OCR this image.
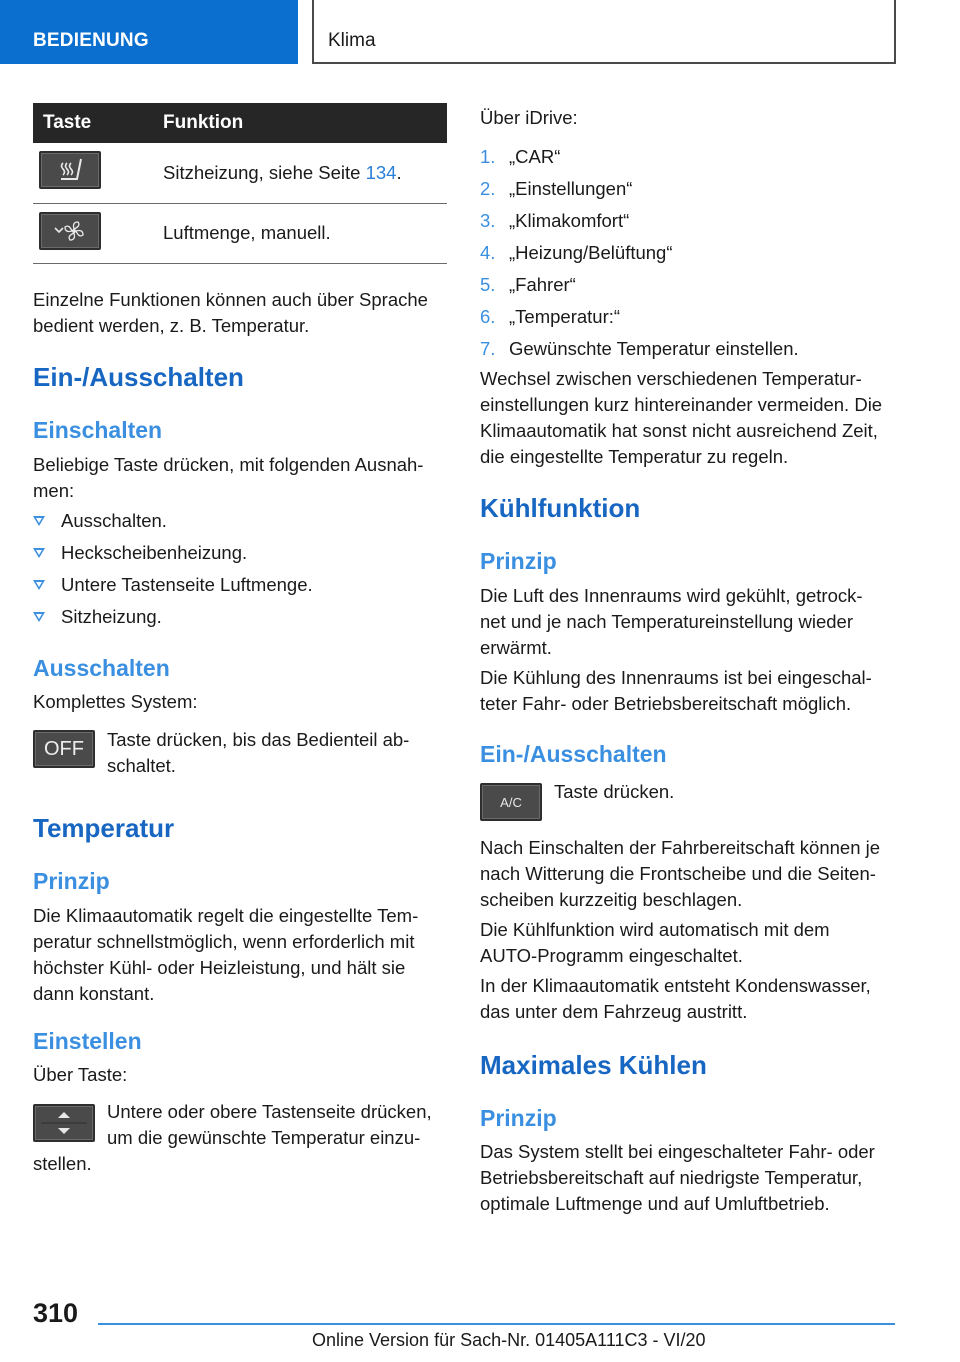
BEDIENUNG	Klima
Taste	Funktion

	Sitzheizung, siehe Seite 134.

	Luftmenge, manuell.
Einzelne Funktionen können auch über Sprache
bedient werden, z. B. Temperatur.
Ein-/Ausschalten
Einschalten
Beliebige Taste drücken, mit folgenden Ausnah-
men:
Ausschalten.
Heckscheibenheizung.
Untere Tastenseite Luftmenge.
Sitzheizung.
Ausschalten
Komplettes System:
OFF	Taste drücken, bis das Bedienteil ab-
schaltet.
Temperatur
Prinzip
Die Klimaautomatik regelt die eingestellte Tem-
peratur schnellstmöglich, wenn erforderlich mit
höchster Kühl- oder Heizleistung, und hält sie
dann konstant.
Einstellen
Über Taste:
Untere oder obere Tastenseite drücken,
um die gewünschte Temperatur einzu-
stellen.
Über iDrive:
1. „CAR“
2. „Einstellungen“
3. „Klimakomfort“
4. „Heizung/Belüftung“
5. „Fahrer“
6. „Temperatur:“
7. Gewünschte Temperatur einstellen.
Wechsel zwischen verschiedenen Temperatur-
einstellungen kurz hintereinander vermeiden. Die
Klimaautomatik hat sonst nicht ausreichend Zeit,
die eingestellte Temperatur zu regeln.
Kühlfunktion
Prinzip
Die Luft des Innenraums wird gekühlt, getrock-
net und je nach Temperatureinstellung wieder
erwärmt.
Die Kühlung des Innenraums ist bei eingeschal-
teter Fahr- oder Betriebsbereitschaft möglich.
Ein-/Ausschalten
A/C
Taste drücken.
Nach Einschalten der Fahrbereitschaft können je
nach Witterung die Frontscheibe und die Seiten-
scheiben kurzzeitig beschlagen.
Die Kühlfunktion wird automatisch mit dem
AUTO-Programm eingeschaltet.
In der Klimaautomatik entsteht Kondenswasser,
das unter dem Fahrzeug austritt.
Maximales Kühlen
Prinzip
Das System stellt bei eingeschalteter Fahr- oder
Betriebsbereitschaft auf niedrigste Temperatur,
optimale Luftmenge und auf Umluftbetrieb.
310
Online Version für Sach-Nr. 01405A111C3 - VI/20
